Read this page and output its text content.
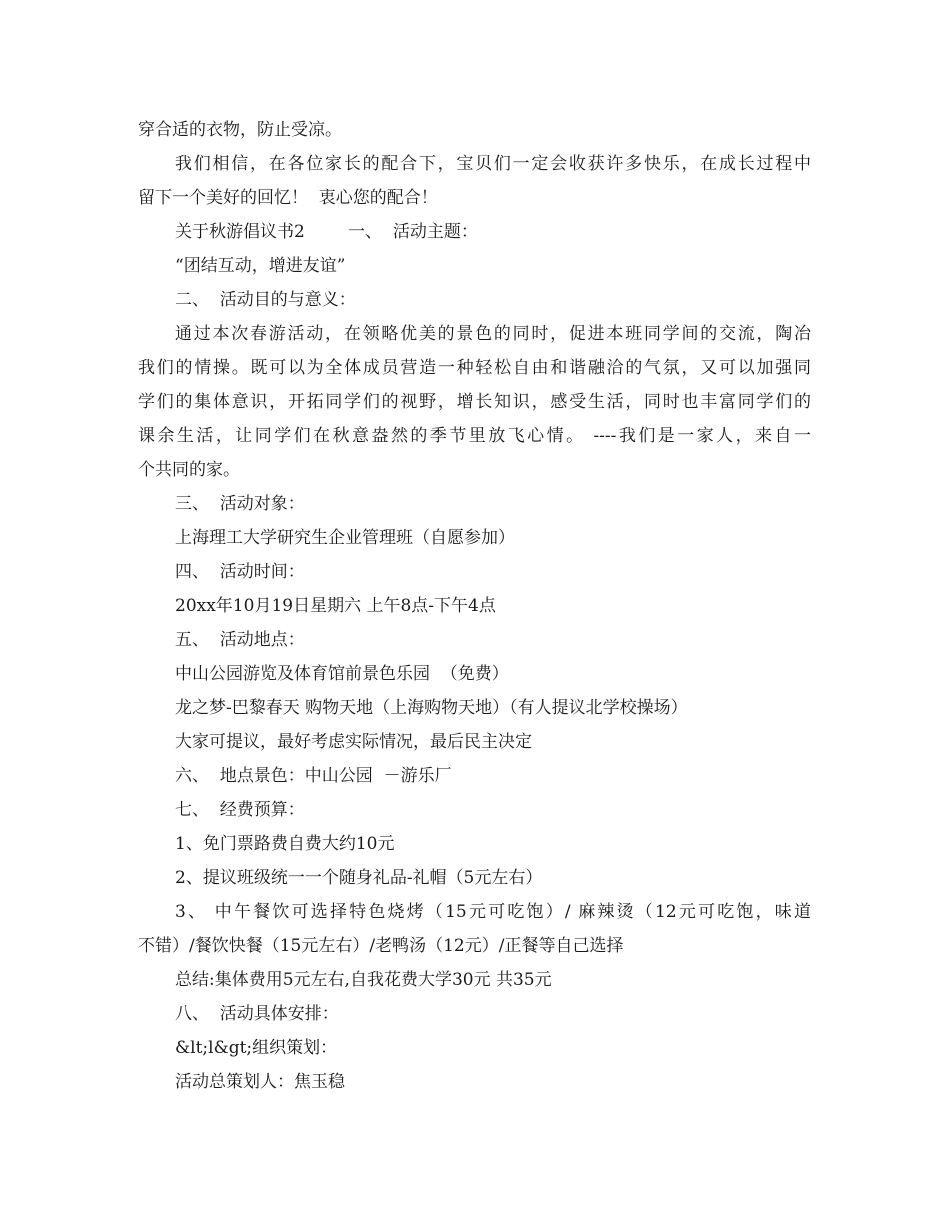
穿合适的衣物，防止受凉。
我们相信，在各位家长的配合下，宝贝们一定会收获许多快乐，在成长过程中
留下一个美好的回忆！  衷心您的配合！
关于秋游倡议书2        一、  活动主题：
“团结互动，增进友谊”
二、  活动目的与意义：
通过本次春游活动，在领略优美的景色的同时，促进本班同学间的交流，陶冶
我们的情操。既可以为全体成员营造一种轻松自由和谐融洽的气氛，又可以加强同
学们的集体意识，开拓同学们的视野，增长知识，感受生活，同时也丰富同学们的
课余生活，让同学们在秋意盎然的季节里放飞心情。 ----我们是一家人，来自一
个共同的家。
三、  活动对象：
上海理工大学研究生企业管理班（自愿参加）
四、  活动时间：
20xx年10月19日星期六 上午8点-下午4点
五、  活动地点：
中山公园游览及体育馆前景色乐园  （免费）
龙之梦-巴黎春天 购物天地（上海购物天地）（有人提议北学校操场）
大家可提议，最好考虑实际情况，最后民主决定
六、  地点景色：中山公园  －游乐厂
七、  经费预算：
1、免门票路费自费大约10元
2、提议班级统一一个随身礼品-礼帽（5元左右）
3、 中午餐饮可选择特色烧烤（15元可吃饱）/ 麻辣烫（12元可吃饱，味道
不错）/餐饮快餐（15元左右）/老鸭汤（12元）/正餐等自己选择
总结:集体费用5元左右,自我花费大学30元 共35元
八、  活动具体安排：
&lt;l&gt;组织策划：
活动总策划人：焦玉稳
